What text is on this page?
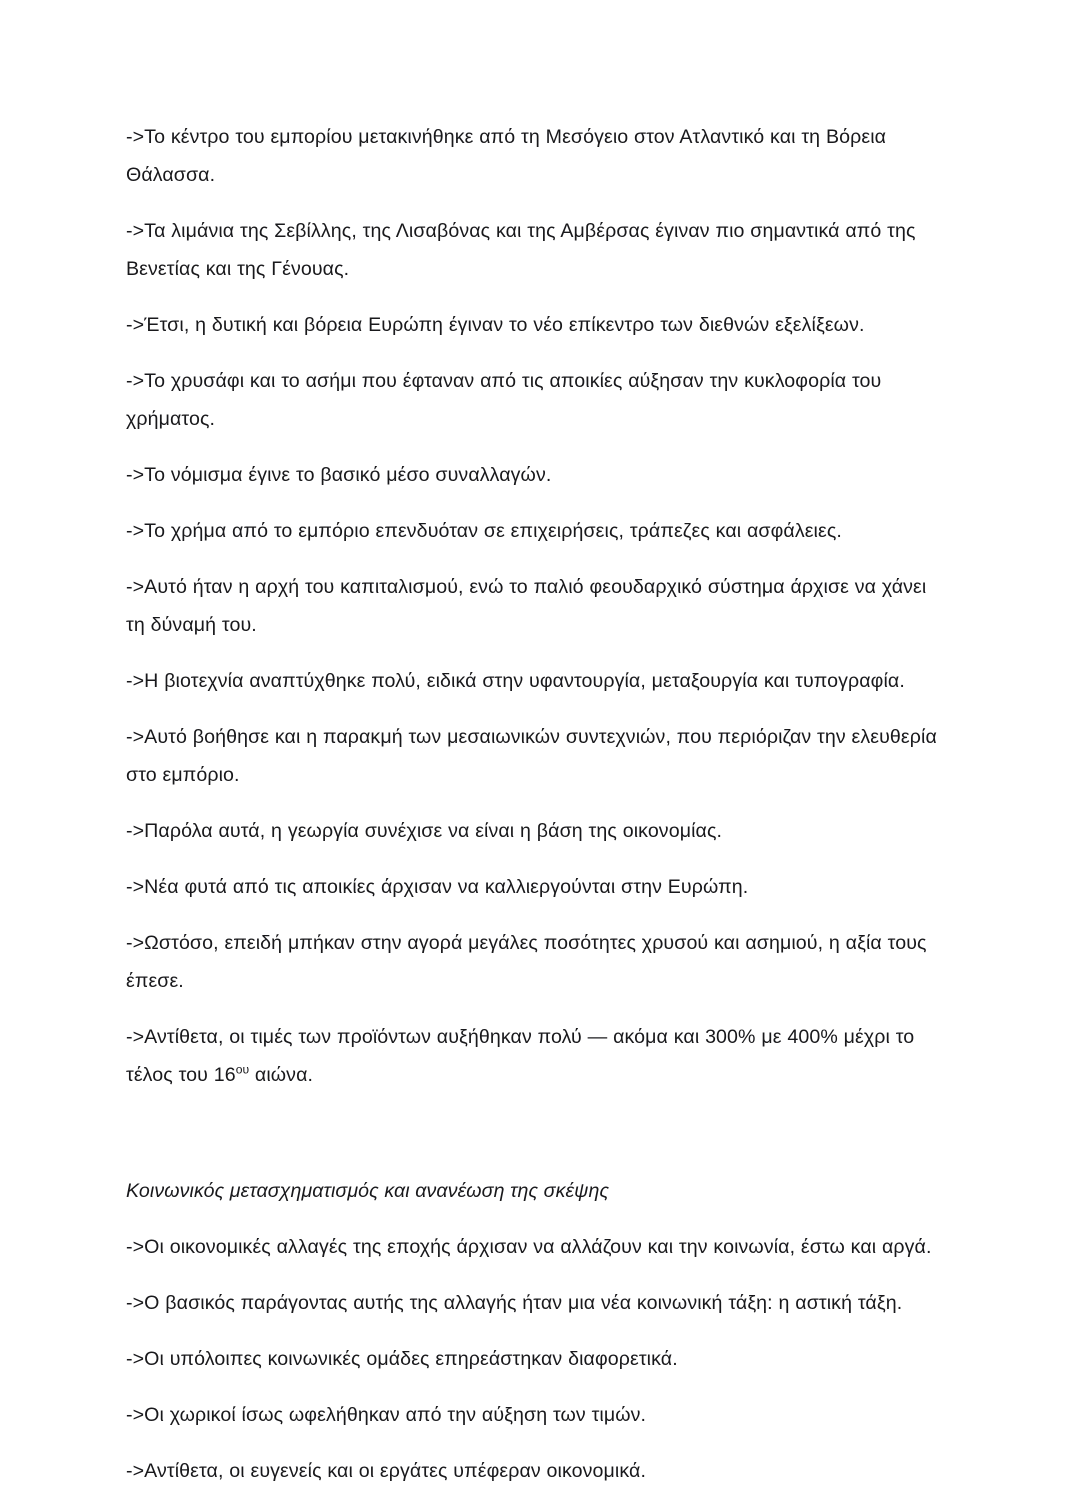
->Το κέντρο του εμπορίου μετακινήθηκε από τη Μεσόγειο στον Ατλαντικό και τη Βόρεια Θάλασσα.

->Τα λιμάνια της Σεβίλλης, της Λισαβόνας και της Αμβέρσας έγιναν πιο σημαντικά από της Βενετίας και της Γένουας.

->Έτσι, η δυτική και βόρεια Ευρώπη έγιναν το νέο επίκεντρο των διεθνών εξελίξεων.

->Το χρυσάφι και το ασήμι που έφταναν από τις αποικίες αύξησαν την κυκλοφορία του χρήματος.

->Το νόμισμα έγινε το βασικό μέσο συναλλαγών.

->Το χρήμα από το εμπόριο επενδυόταν σε επιχειρήσεις, τράπεζες και ασφάλειες.

->Αυτό ήταν η αρχή του καπιταλισμού, ενώ το παλιό φεουδαρχικό σύστημα άρχισε να χάνει τη δύναμή του.

->Η βιοτεχνία αναπτύχθηκε πολύ, ειδικά στην υφαντουργία, μεταξουργία και τυπογραφία.

->Αυτό βοήθησε και η παρακμή των μεσαιωνικών συντεχνιών, που περιόριζαν την ελευθερία στο εμπόριο.

->Παρόλα αυτά, η γεωργία συνέχισε να είναι η βάση της οικονομίας.

->Νέα φυτά από τις αποικίες άρχισαν να καλλιεργούνται στην Ευρώπη.

->Ωστόσο, επειδή μπήκαν στην αγορά μεγάλες ποσότητες χρυσού και ασημιού, η αξία τους έπεσε.

->Αντίθετα, οι τιμές των προϊόντων αυξήθηκαν πολύ — ακόμα και 300% με 400% μέχρι το τέλος του $16^{o\upsilon}$ αιώνα.

Κοινωνικός μετασχηματισμός και ανανέωση της σκέψης

->Οι οικονομικές αλλαγές της εποχής άρχισαν να αλλάζουν και την κοινωνία, έστω και αργά.

->Ο βασικός παράγοντας αυτής της αλλαγής ήταν μια νέα κοινωνική τάξη: η αστική τάξη.

->Οι υπόλοιπες κοινωνικές ομάδες επηρεάστηκαν διαφορετικά.

->Οι χωρικοί ίσως ωφελήθηκαν από την αύξηση των τιμών.

->Αντίθετα, οι ευγενείς και οι εργάτες υπέφεραν οικονομικά.
